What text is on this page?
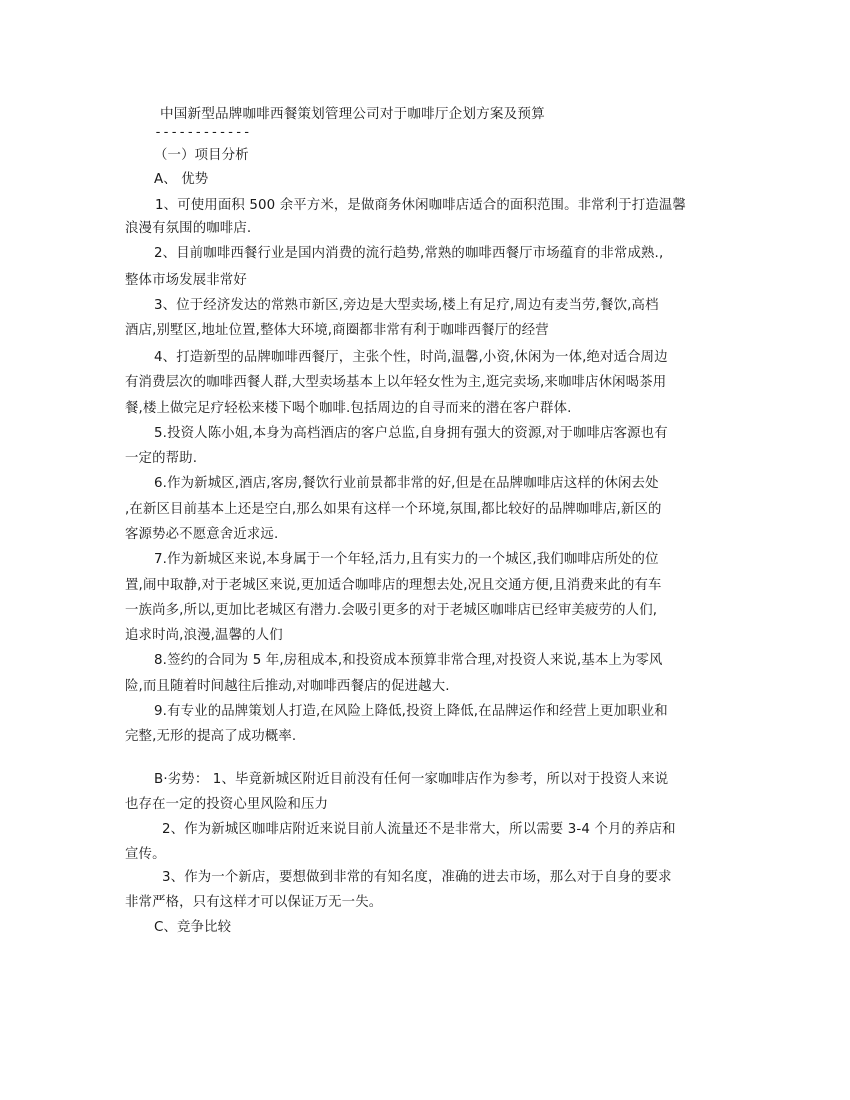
中国新型品牌咖啡西餐策划管理公司对于咖啡厅企划方案及预算
------------
（一）项目分析
A、 优势
1、可使用面积 500 余平方米，是做商务休闲咖啡店适合的面积范围。非常利于打造温馨
浪漫有氛围的咖啡店.
2、目前咖啡西餐行业是国内消费的流行趋势,常熟的咖啡西餐厅市场蕴育的非常成熟.,
整体市场发展非常好
3、位于经济发达的常熟市新区,旁边是大型卖场,楼上有足疗,周边有麦当劳,餐饮,高档
酒店,别墅区,地址位置,整体大环境,商圈都非常有利于咖啡西餐厅的经营
4、打造新型的品牌咖啡西餐厅，主张个性，时尚,温馨,小资,休闲为一体,绝对适合周边
有消费层次的咖啡西餐人群,大型卖场基本上以年轻女性为主,逛完卖场,来咖啡店休闲喝茶用
餐,楼上做完足疗轻松来楼下喝个咖啡.包括周边的自寻而来的潜在客户群体.
5.投资人陈小姐,本身为高档酒店的客户总监,自身拥有强大的资源,对于咖啡店客源也有
一定的帮助.
6.作为新城区,酒店,客房,餐饮行业前景都非常的好,但是在品牌咖啡店这样的休闲去处
,在新区目前基本上还是空白,那么如果有这样一个环境,氛围,都比较好的品牌咖啡店,新区的
客源势必不愿意舍近求远.
7.作为新城区来说,本身属于一个年轻,活力,且有实力的一个城区,我们咖啡店所处的位
置,闹中取静,对于老城区来说,更加适合咖啡店的理想去处,况且交通方便,且消费来此的有车
一族尚多,所以,更加比老城区有潜力.会吸引更多的对于老城区咖啡店已经审美疲劳的人们,
追求时尚,浪漫,温馨的人们
8.签约的合同为 5 年,房租成本,和投资成本预算非常合理,对投资人来说,基本上为零风
险,而且随着时间越往后推动,对咖啡西餐店的促进越大.
9.有专业的品牌策划人打造,在风险上降低,投资上降低,在品牌运作和经营上更加职业和
完整,无形的提高了成功概率.
B·劣势： 1、毕竟新城区附近目前没有任何一家咖啡店作为参考，所以对于投资人来说
也存在一定的投资心里风险和压力
2、作为新城区咖啡店附近来说目前人流量还不是非常大，所以需要 3-4 个月的养店和
宣传。
3、作为一个新店，要想做到非常的有知名度，准确的进去市场，那么对于自身的要求
非常严格，只有这样才可以保证万无一失。
C、竞争比较
